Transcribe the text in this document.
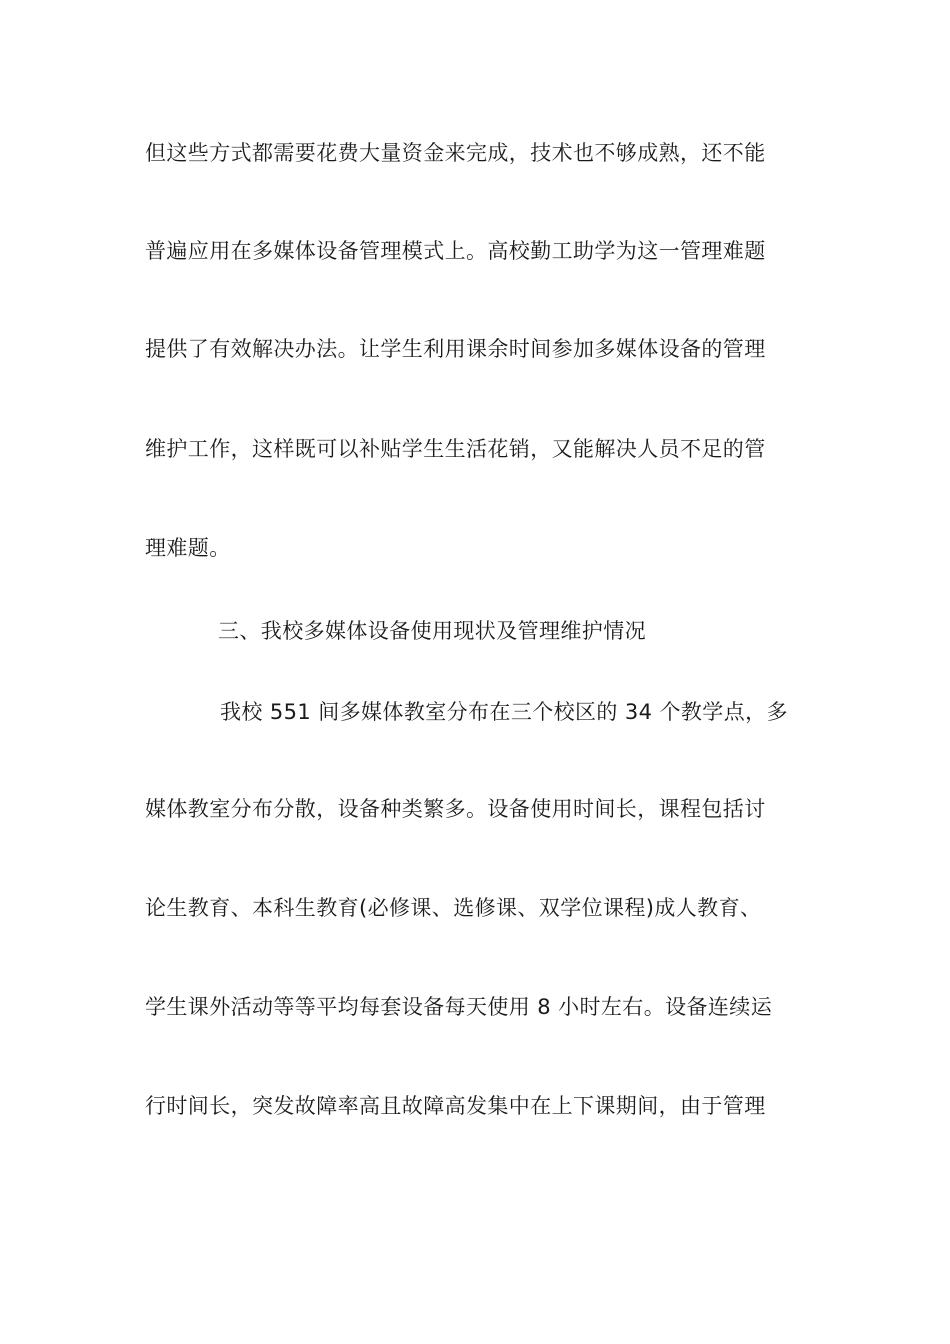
但这些方式都需要花费大量资金来完成，技术也不够成熟，还不能
普遍应用在多媒体设备管理模式上。高校勤工助学为这一管理难题
提供了有效解决办法。让学生利用课余时间参加多媒体设备的管理
维护工作，这样既可以补贴学生生活花销，又能解决人员不足的管
理难题。
三、我校多媒体设备使用现状及管理维护情况
我校 551 间多媒体教室分布在三个校区的 34 个教学点，多
媒体教室分布分散，设备种类繁多。设备使用时间长，课程包括讨
论生教育、本科生教育(必修课、选修课、双学位课程)成人教育、
学生课外活动等等平均每套设备每天使用 8 小时左右。设备连续运
行时间长，突发故障率高且故障高发集中在上下课期间，由于管理
